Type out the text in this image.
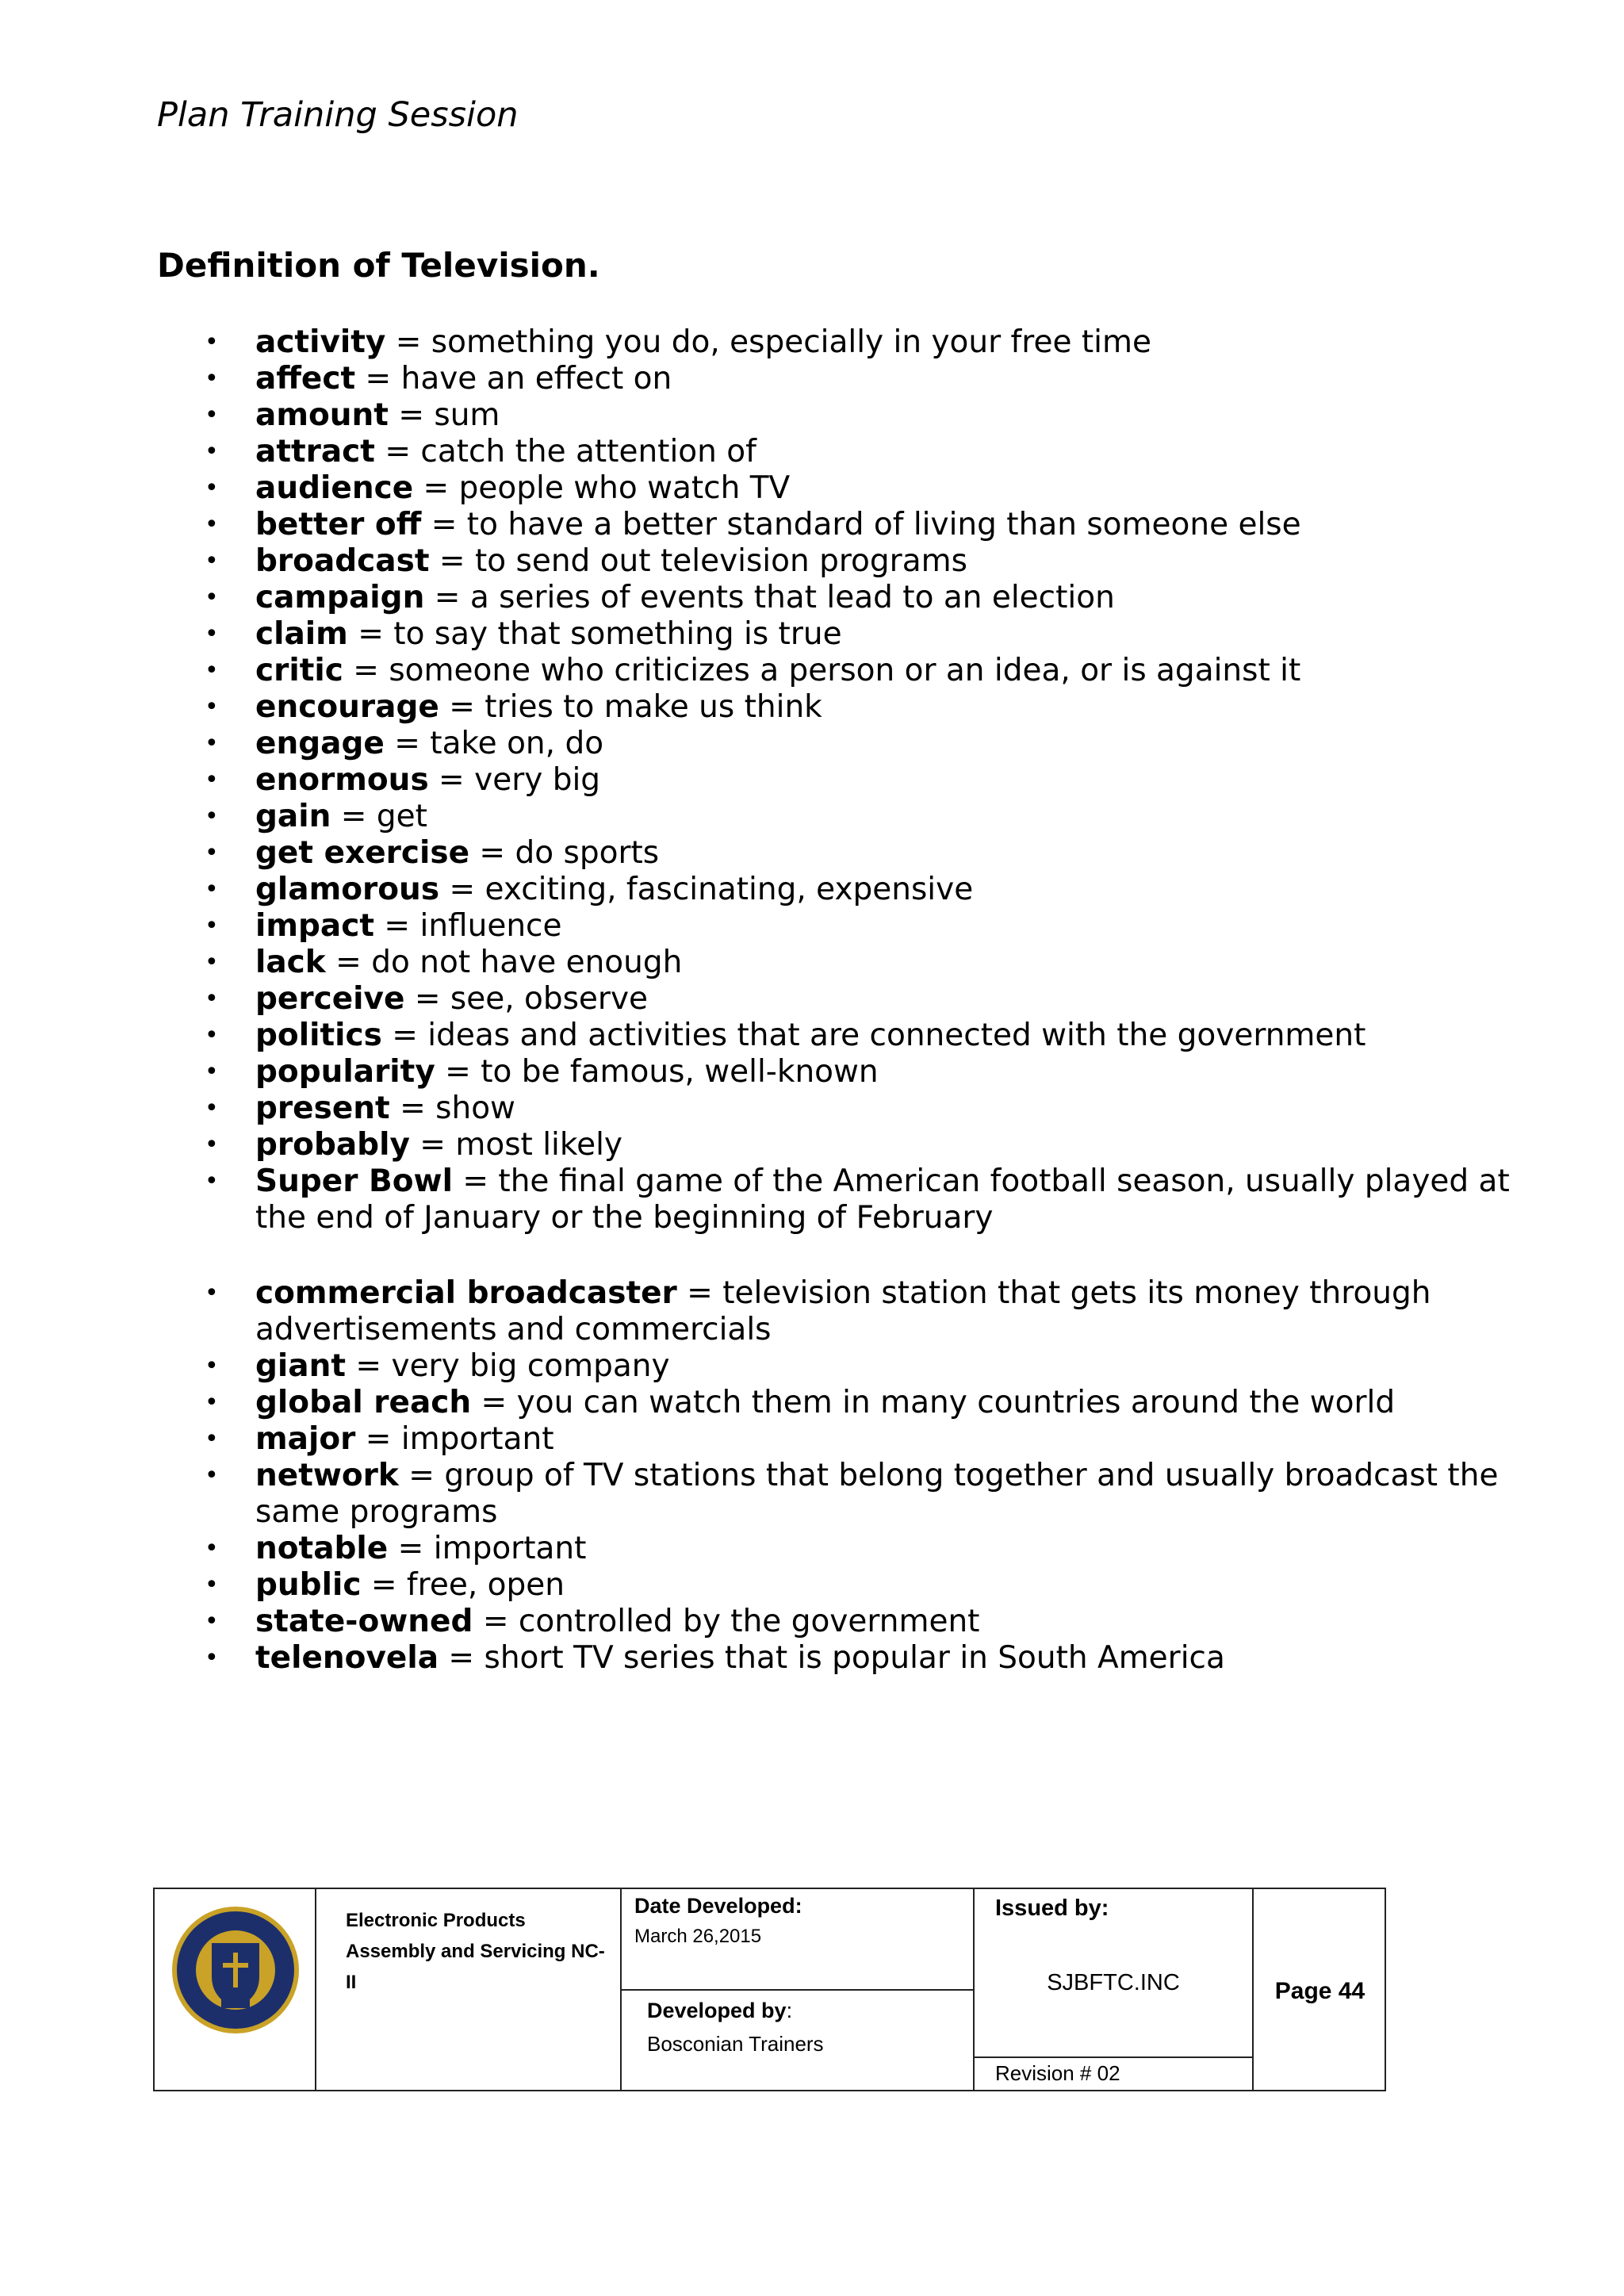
Plan Training Session

Definition of Television.

• activity = something you do, especially in your free time
• affect = have an effect on
• amount = sum
• attract = catch the attention of
• audience = people who watch TV
• better off = to have a better standard of living than someone else
• broadcast = to send out television programs
• campaign = a series of events that lead to an election
• claim = to say that something is true
• critic = someone who criticizes a person or an idea, or is against it
• encourage = tries to make us think
• engage = take on, do
• enormous = very big
• gain = get
• get exercise = do sports
• glamorous = exciting, fascinating, expensive
• impact = influence
• lack = do not have enough
• perceive = see, observe
• politics = ideas and activities that are connected with the government
• popularity = to be famous, well-known
• present = show
• probably = most likely
• Super Bowl = the final game of the American football season, usually played at the end of January or the beginning of February
• commercial broadcaster = television station that gets its money through advertisements and commercials
• giant = very big company
• global reach = you can watch them in many countries around the world
• major = important
• network = group of TV stations that belong together and usually broadcast the same programs
• notable = important
• public = free, open
• state-owned = controlled by the government
• telenovela = short TV series that is popular in South America
Electronic Products
Assembly and Servicing NC-
II
Date Developed:
March 26,2015
Developed by:
Bosconian Trainers
Issued by:
SJBFTC.INC
Revision # 02
Page 44
